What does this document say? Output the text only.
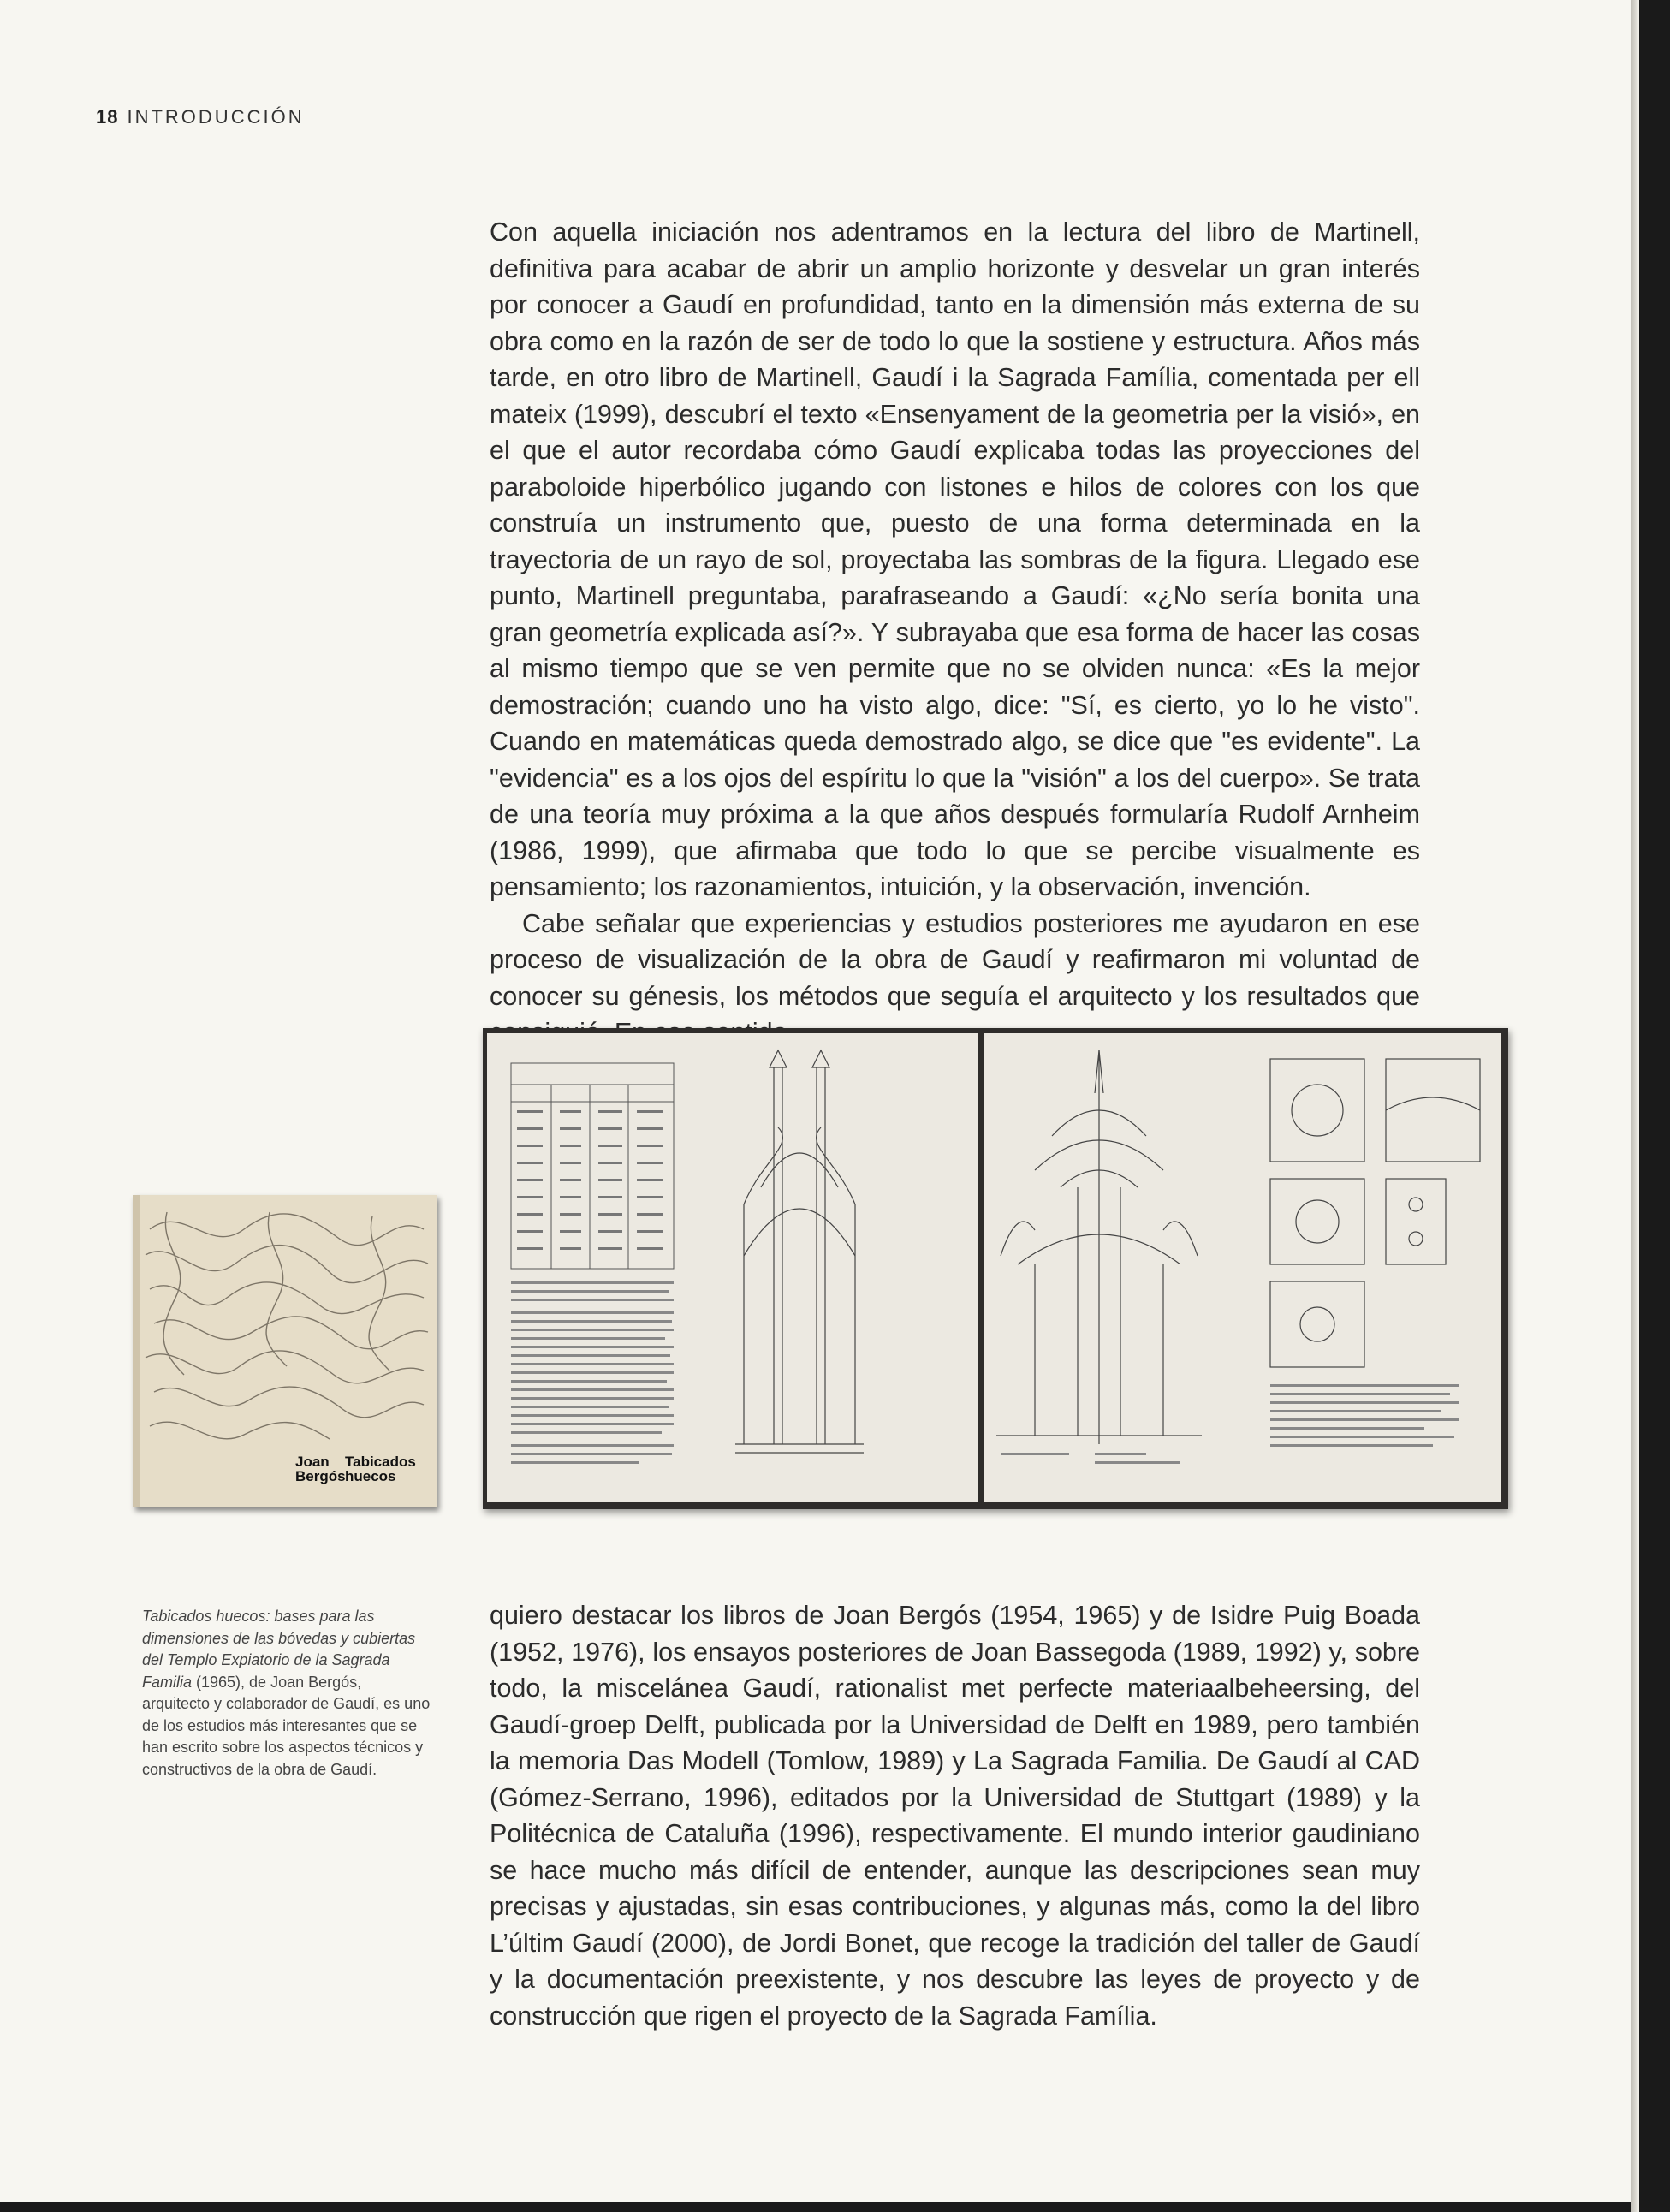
18 INTRODUCCIÓN

Con aquella iniciación nos adentramos en la lectura del libro de Martinell, definitiva para acabar de abrir un amplio horizonte y desvelar un gran interés por conocer a Gaudí en profundidad, tanto en la dimensión más externa de su obra como en la razón de ser de todo lo que la sostiene y estructura. Años más tarde, en otro libro de Martinell, Gaudí i la Sagrada Família, comentada per ell mateix (1999), descubrí el texto «Ensenyament de la geometria per la visió», en el que el autor recordaba cómo Gaudí explicaba todas las proyecciones del paraboloide hiperbólico jugando con listones e hilos de colores con los que construía un instrumento que, puesto de una forma determinada en la trayectoria de un rayo de sol, proyectaba las sombras de la figura. Llegado ese punto, Martinell preguntaba, parafraseando a Gaudí: «¿No sería bonita una gran geometría explicada así?». Y subrayaba que esa forma de hacer las cosas al mismo tiempo que se ven permite que no se olviden nunca: «Es la mejor demostración; cuando uno ha visto algo, dice: "Sí, es cierto, yo lo he visto". Cuando en matemáticas queda demostrado algo, se dice que "es evidente". La "evidencia" es a los ojos del espíritu lo que la "visión" a los del cuerpo». Se trata de una teoría muy próxima a la que años después formularía Rudolf Arnheim (1986, 1999), que afirmaba que todo lo que se percibe visualmente es pensamiento; los razonamientos, intuición, y la observación, invención.

Cabe señalar que experiencias y estudios posteriores me ayudaron en ese proceso de visualización de la obra de Gaudí y reafirmaron mi voluntad de conocer su génesis, los métodos que seguía el arquitecto y los resultados que

Joan
Bergós
Tabicados
huecos

Tabicados huecos: bases para las dimensiones de las bóvedas y cubiertas del Templo Expiatorio de la Sagrada Familia (1965), de Joan Bergós, arquitecto y colaborador de Gaudí, es uno de los estudios más interesantes que se han escrito sobre los aspectos técnicos y constructivos de la obra de Gaudí.

quiero destacar los libros de Joan Bergós (1954, 1965) y de Isidre Puig Boada (1952, 1976), los ensayos posteriores de Joan Bassegoda (1989, 1992) y, sobre todo, la miscelánea Gaudí, rationalist met perfecte materiaalbeheersing, del Gaudí-groep Delft, publicada por la Universidad de Delft en 1989, pero también la memoria Das Modell (Tomlow, 1989) y La Sagrada Familia. De Gaudí al CAD (Gómez-Serrano, 1996), editados por la Universidad de Stuttgart (1989) y la Politécnica de Cataluña (1996), respectivamente. El mundo interior gaudiniano se hace mucho más difícil de entender, aunque las descripciones sean muy precisas y ajustadas, sin esas contribuciones, y algunas más, como la del libro L’últim Gaudí (2000), de Jordi Bonet, que recoge la tradición del taller de Gaudí y la documentación preexistente, y nos descubre las leyes de proyecto y de construcción que rigen el proyecto de la Sagrada Família.
